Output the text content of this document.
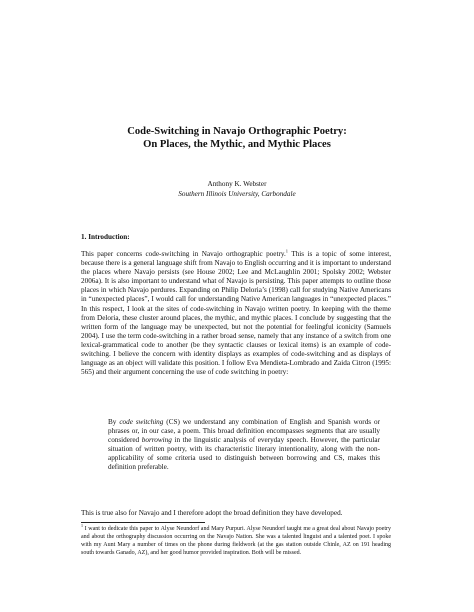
Code-Switching in Navajo Orthographic Poetry:
On Places, the Mythic, and Mythic Places
Anthony K. Webster
Southern Illinois University, Carbondale
1. Introduction:

This paper concerns code-switching in Navajo orthographic poetry.$^1$ This is a topic of some interest, because there is a general language shift from Navajo to English occurring and it is important to understand the places where Navajo persists (see House 2002; Lee and McLaughlin 2001; Spolsky 2002; Webster 2006a). It is also important to understand what of Navajo is persisting. This paper attempts to outline those places in which Navajo perdures. Expanding on Philip Deloria’s (1998) call for studying Native Americans in “unexpected places”, I would call for understanding Native American languages in “unexpected places.” In this respect, I look at the sites of code-switching in Navajo written poetry. In keeping with the theme from Deloria, these cluster around places, the mythic, and mythic places. I conclude by suggesting that the written form of the language may be unexpected, but not the potential for feelingful iconicity (Samuels 2004). I use the term code-switching in a rather broad sense, namely that any instance of a switch from one lexical-grammatical code to another (be they syntactic clauses or lexical items) is an example of code-switching. I believe the concern with identity displays as examples of code-switching and as displays of language as an object will validate this position. I follow Eva Mendieta-Lombrado and Zaida Citron (1995: 565) and their argument concerning the use of code switching in poetry:

By code switching (CS) we understand any combination of English and Spanish words or phrases or, in our case, a poem. This broad definition encompasses segments that are usually considered borrowing in the linguistic analysis of everyday speech. However, the particular situation of written poetry, with its characteristic literary intentionality, along with the non-applicability of some criteria used to distinguish between borrowing and CS, makes this definition preferable.

This is true also for Navajo and I therefore adopt the broad definition they have developed.

$^1$ I want to dedicate this paper to Alyse Neundorf and Mary Purpuri. Alyse Neundorf taught me a great deal about Navajo poetry and about the orthography discussion occurring on the Navajo Nation. She was a talented linguist and a talented poet. I spoke with my Aunt Mary a number of times on the phone during fieldwork (at the gas station outside Chinle, AZ on 191 heading south towards Ganado, AZ), and her good humor provided inspiration. Both will be missed.
